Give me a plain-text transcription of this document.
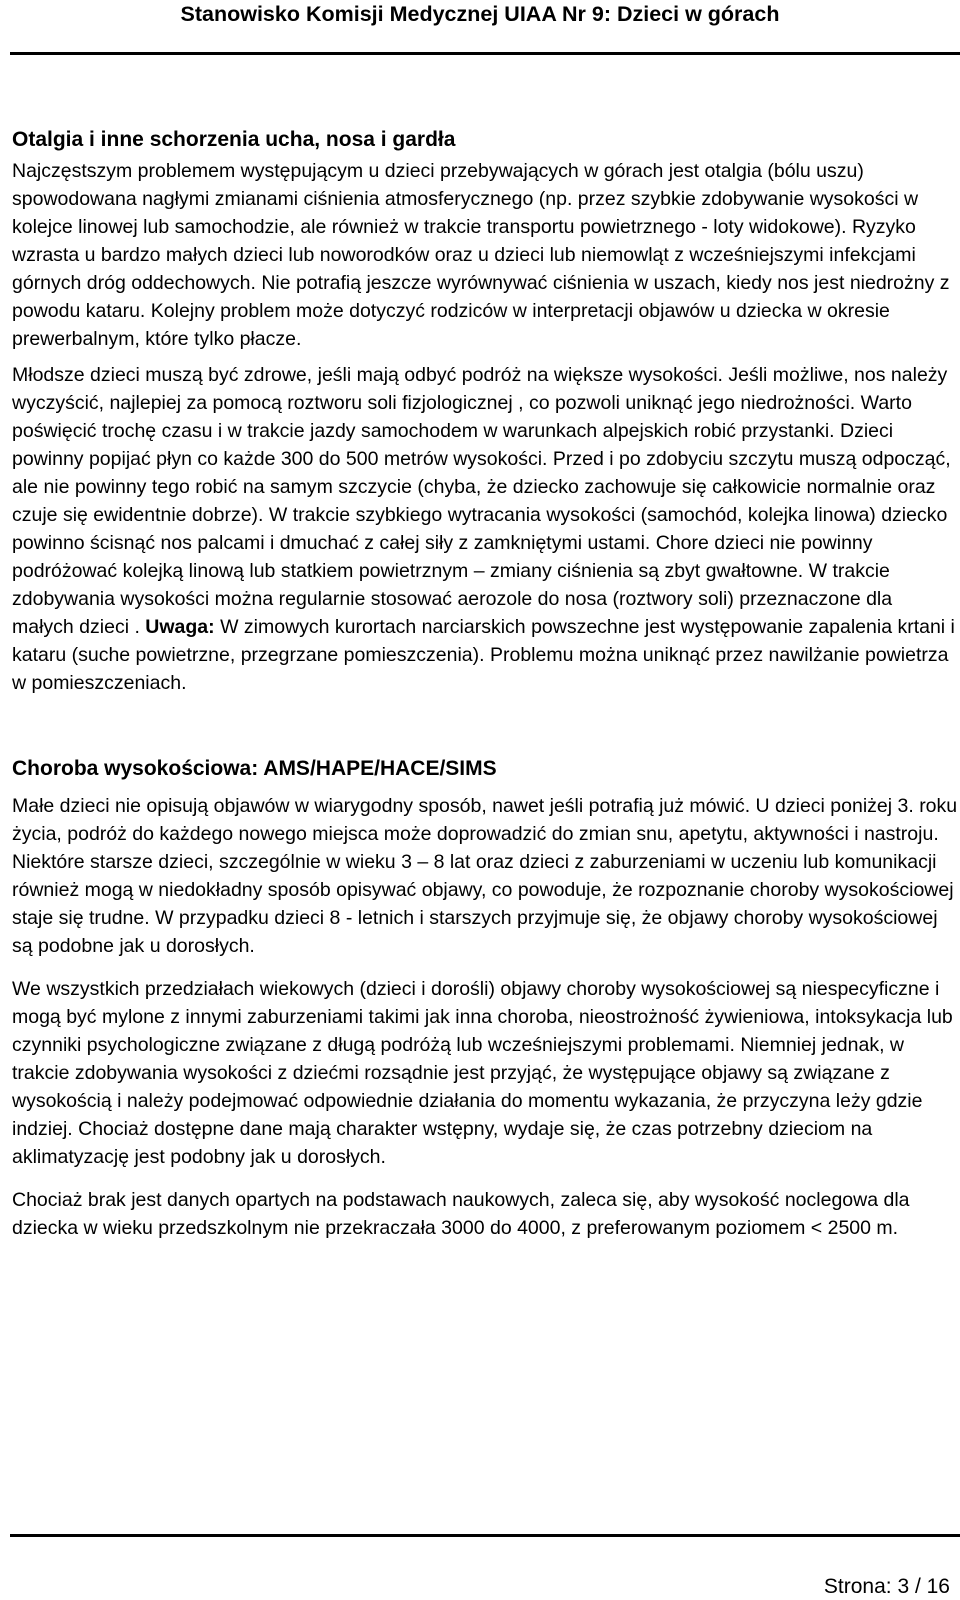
Stanowisko Komisji Medycznej UIAA Nr 9: Dzieci w górach
Otalgia i inne schorzenia ucha, nosa i gardła

Najczęstszym problemem występującym u dzieci przebywających w górach jest otalgia (bólu uszu) spowodowana nagłymi zmianami ciśnienia atmosferycznego (np. przez szybkie zdobywanie wysokości w kolejce linowej lub samochodzie, ale również w trakcie transportu powietrznego - loty widokowe). Ryzyko wzrasta u bardzo małych dzieci lub noworodków oraz u dzieci lub niemowląt z wcześniejszymi infekcjami górnych dróg oddechowych. Nie potrafią jeszcze wyrównywać ciśnienia w uszach, kiedy nos jest niedrożny z powodu kataru. Kolejny problem może dotyczyć rodziców w interpretacji objawów u dziecka w okresie prewerbalnym, które tylko płacze.

Młodsze dzieci muszą być zdrowe, jeśli mają odbyć podróż na większe wysokości. Jeśli możliwe, nos należy wyczyścić, najlepiej za pomocą roztworu soli fizjologicznej , co pozwoli uniknąć jego niedrożności. Warto poświęcić trochę czasu i w trakcie jazdy samochodem w warunkach alpejskich robić przystanki. Dzieci powinny popijać płyn co każde 300 do 500 metrów wysokości. Przed i po zdobyciu szczytu muszą odpocząć, ale nie powinny tego robić na samym szczycie (chyba, że dziecko zachowuje się całkowicie normalnie oraz czuje się ewidentnie dobrze). W trakcie szybkiego wytracania wysokości (samochód, kolejka linowa) dziecko powinno ścisnąć nos palcami i dmuchać z całej siły z zamkniętymi ustami. Chore dzieci nie powinny podróżować kolejką linową lub statkiem powietrznym – zmiany ciśnienia są zbyt gwałtowne. W trakcie zdobywania wysokości można regularnie stosować aerozole do nosa (roztwory soli) przeznaczone dla małych dzieci . Uwaga: W zimowych kurortach narciarskich powszechne jest występowanie zapalenia krtani i kataru (suche powietrzne, przegrzane pomieszczenia). Problemu można uniknąć przez nawilżanie powietrza w pomieszczeniach.

Choroba wysokościowa: AMS/HAPE/HACE/SIMS

Małe dzieci nie opisują objawów w wiarygodny sposób, nawet jeśli potrafią już mówić. U dzieci poniżej 3. roku życia, podróż do każdego nowego miejsca może doprowadzić do zmian snu, apetytu, aktywności i nastroju. Niektóre starsze dzieci, szczególnie w wieku 3 – 8 lat oraz dzieci z zaburzeniami w uczeniu lub komunikacji również mogą w niedokładny sposób opisywać objawy, co powoduje, że rozpoznanie choroby wysokościowej staje się trudne. W przypadku dzieci 8 - letnich i starszych przyjmuje się, że objawy choroby wysokościowej są podobne jak u dorosłych.

We wszystkich przedziałach wiekowych (dzieci i dorośli) objawy choroby wysokościowej są niespecyficzne i mogą być mylone z innymi zaburzeniami takimi jak inna choroba, nieostrożność żywieniowa, intoksykacja lub czynniki psychologiczne związane z długą podróżą lub wcześniejszymi problemami. Niemniej jednak, w trakcie zdobywania wysokości z dziećmi rozsądnie jest przyjąć, że występujące objawy są związane z wysokością i należy podejmować odpowiednie działania do momentu wykazania, że przyczyna leży gdzie indziej. Chociaż dostępne dane mają charakter wstępny, wydaje się, że czas potrzebny dzieciom na aklimatyzację jest podobny jak u dorosłych.

Chociaż brak jest danych opartych na podstawach naukowych, zaleca się, aby wysokość noclegowa dla dziecka w wieku przedszkolnym nie przekraczała 3000 do 4000, z preferowanym poziomem < 2500 m.

Strona: 3 / 16
